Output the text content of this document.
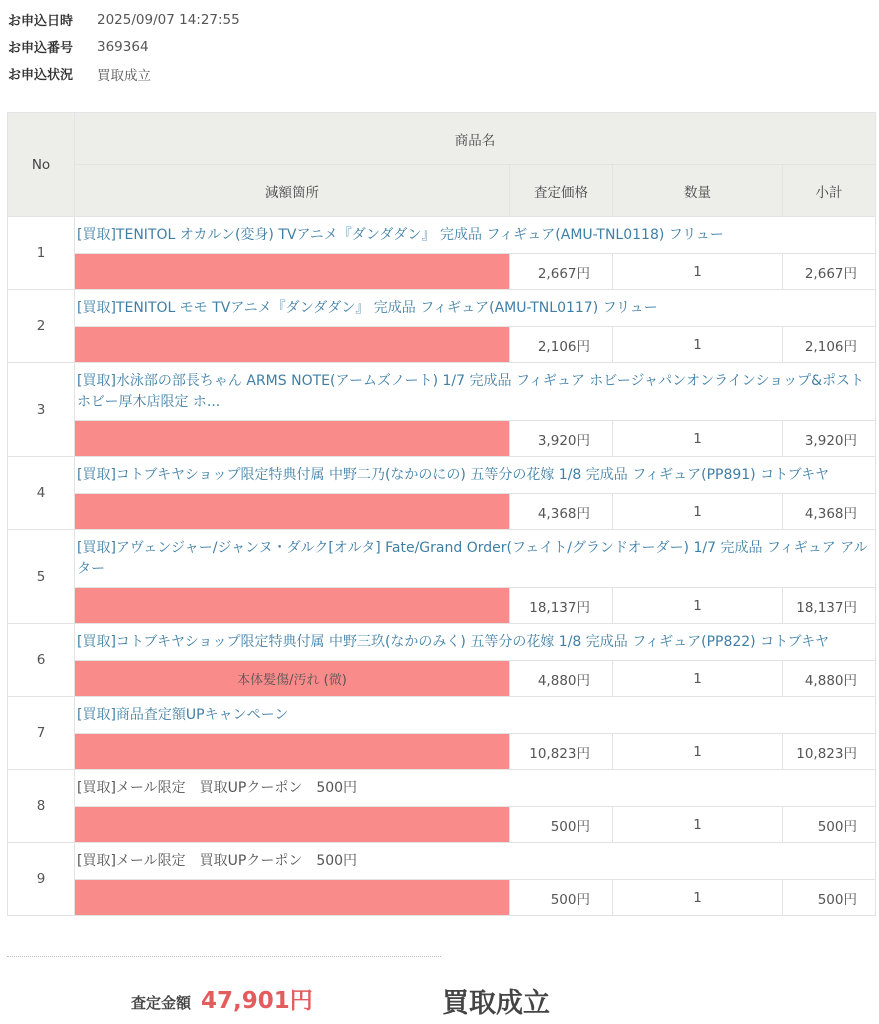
お申込日時	2025/09/07 14:27:55
お申込番号	369364
お申込状況	買取成立
No	商品名			
	減額箇所	査定価格	数量	小計
1	[買取]TENITOL オカルン(変身) TVアニメ『ダンダダン』 完成品 フィギュア(AMU-TNL0118) フリュー			
		2,667円	1	2,667円
2	[買取]TENITOL モモ TVアニメ『ダンダダン』 完成品 フィギュア(AMU-TNL0117) フリュー			
		2,106円	1	2,106円
3	[買取]水泳部の部長ちゃん ARMS NOTE(アームズノート) 1/7 完成品 フィギュア ホビージャパンオンラインショップ&ポストホビー厚木店限定 ホ...			
		3,920円	1	3,920円
4	[買取]コトブキヤショップ限定特典付属 中野二乃(なかのにの) 五等分の花嫁 1/8 完成品 フィギュア(PP891) コトブキヤ			
		4,368円	1	4,368円
5	[買取]アヴェンジャー/ジャンヌ・ダルク[オルタ] Fate/Grand Order(フェイト/グランドオーダー) 1/7 完成品 フィギュア アルター			
		18,137円	1	18,137円
6	[買取]コトブキヤショップ限定特典付属 中野三玖(なかのみく) 五等分の花嫁 1/8 完成品 フィギュア(PP822) コトブキヤ			
	本体髪傷/汚れ (微)	4,880円	1	4,880円
7	[買取]商品査定額UPキャンペーン			
		10,823円	1	10,823円
8	[買取]メール限定　買取UPクーポン　500円			
		500円	1	500円
9	[買取]メール限定　買取UPクーポン　500円			
		500円	1	500円
査定金額 47,901円	買取成立
